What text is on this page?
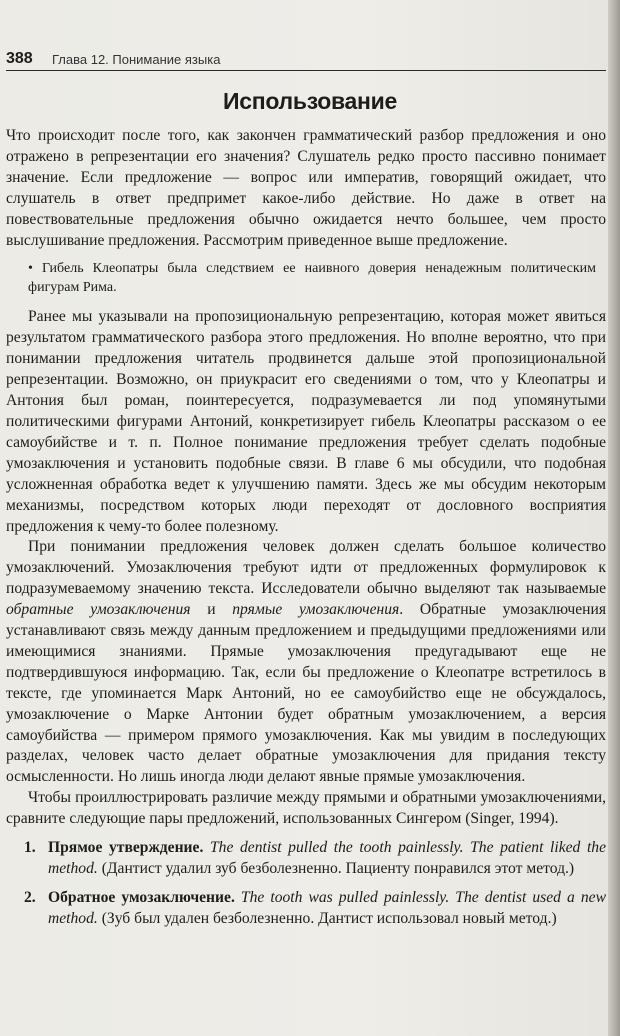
388 Глава 12. Понимание языка
Использование

Что происходит после того, как закончен грамматический разбор предложения и оно отражено в репрезентации его значения? Слушатель редко просто пассивно понимает значение. Если предложение — вопрос или императив, говорящий ожидает, что слушатель в ответ предпримет какое-либо действие. Но даже в ответ на повествовательные предложения обычно ожидается нечто большее, чем просто выслушивание предложения. Рассмотрим приведенное выше предложение.

• Гибель Клеопатры была следствием ее наивного доверия ненадежным политическим фигурам Рима.

Ранее мы указывали на пропозициональную репрезентацию, которая может явиться результатом грамматического разбора этого предложения. Но вполне вероятно, что при понимании предложения читатель продвинется дальше этой пропозициональной репрезентации. Возможно, он приукрасит его сведениями о том, что у Клеопатры и Антония был роман, поинтересуется, подразумевается ли под упомянутыми политическими фигурами Антоний, конкретизирует гибель Клеопатры рассказом о ее самоубийстве и т. п. Полное понимание предложения требует сделать подобные умозаключения и установить подобные связи. В главе 6 мы обсудили, что подобная усложненная обработка ведет к улучшению памяти. Здесь же мы обсудим некоторым механизмы, посредством которых люди переходят от дословного восприятия предложения к чему-то более полезному.

При понимании предложения человек должен сделать большое количество умозаключений. Умозаключения требуют идти от предложенных формулировок к подразумеваемому значению текста. Исследователи обычно выделяют так называемые обратные умозаключения и прямые умозаключения. Обратные умозаключения устанавливают связь между данным предложением и предыдущими предложениями или имеющимися знаниями. Прямые умозаключения предугадывают еще не подтвердившуюся информацию. Так, если бы предложение о Клеопатре встретилось в тексте, где упоминается Марк Антоний, но ее самоубийство еще не обсуждалось, умозаключение о Марке Антонии будет обратным умозаключением, а версия самоубийства — примером прямого умозаключения. Как мы увидим в последующих разделах, человек часто делает обратные умозаключения для придания тексту осмысленности. Но лишь иногда люди делают явные прямые умозаключения.

Чтобы проиллюстрировать различие между прямыми и обратными умозаключениями, сравните следующие пары предложений, использованных Сингером (Singer, 1994).

1. Прямое утверждение. The dentist pulled the tooth painlessly. The patient liked the method. (Дантист удалил зуб безболезненно. Пациенту понравился этот метод.)
2. Обратное умозаключение. The tooth was pulled painlessly. The dentist used a new method. (Зуб был удален безболезненно. Дантист использовал новый метод.)
